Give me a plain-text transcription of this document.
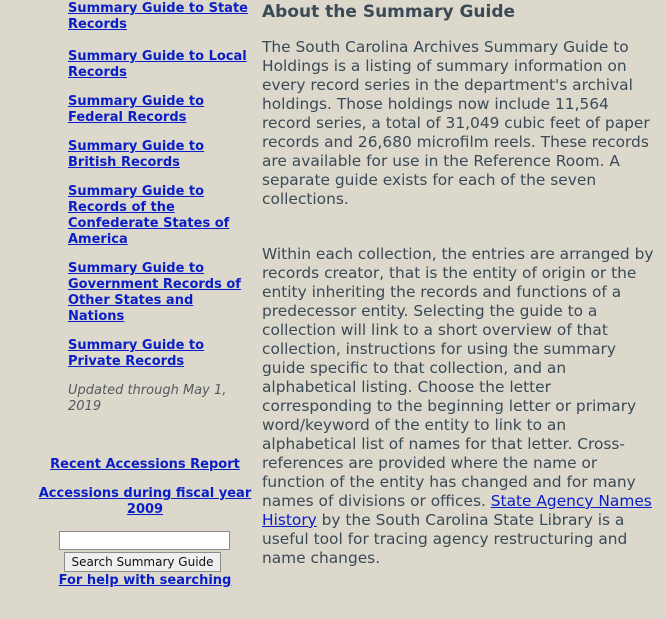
Summary Guide to State Records
Summary Guide to Local Records
Summary Guide to Federal Records
Summary Guide to British Records
Summary Guide to Records of the Confederate States of America
Summary Guide to Government Records of Other States and Nations
Summary Guide to Private Records
Updated through May 1, 2019
Recent Accessions Report
Accessions during fiscal year 2009
Search Summary Guide
For help with searching
About the Summary Guide

The South Carolina Archives Summary Guide to Holdings is a listing of summary information on every record series in the department's archival holdings. Those holdings now include 11,564 record series, a total of 31,049 cubic feet of paper records and 26,680 microfilm reels. These records are available for use in the Reference Room. A separate guide exists for each of the seven collections.

Within each collection, the entries are arranged by records creator, that is the entity of origin or the entity inheriting the records and functions of a predecessor entity. Selecting the guide to a collection will link to a short overview of that collection, instructions for using the summary guide specific to that collection, and an alphabetical listing. Choose the letter corresponding to the beginning letter or primary word/keyword of the entity to link to an alphabetical list of names for that letter. Cross-references are provided where the name or function of the entity has changed and for many names of divisions or offices. State Agency Names History by the South Carolina State Library is a useful tool for tracing agency restructuring and name changes.
